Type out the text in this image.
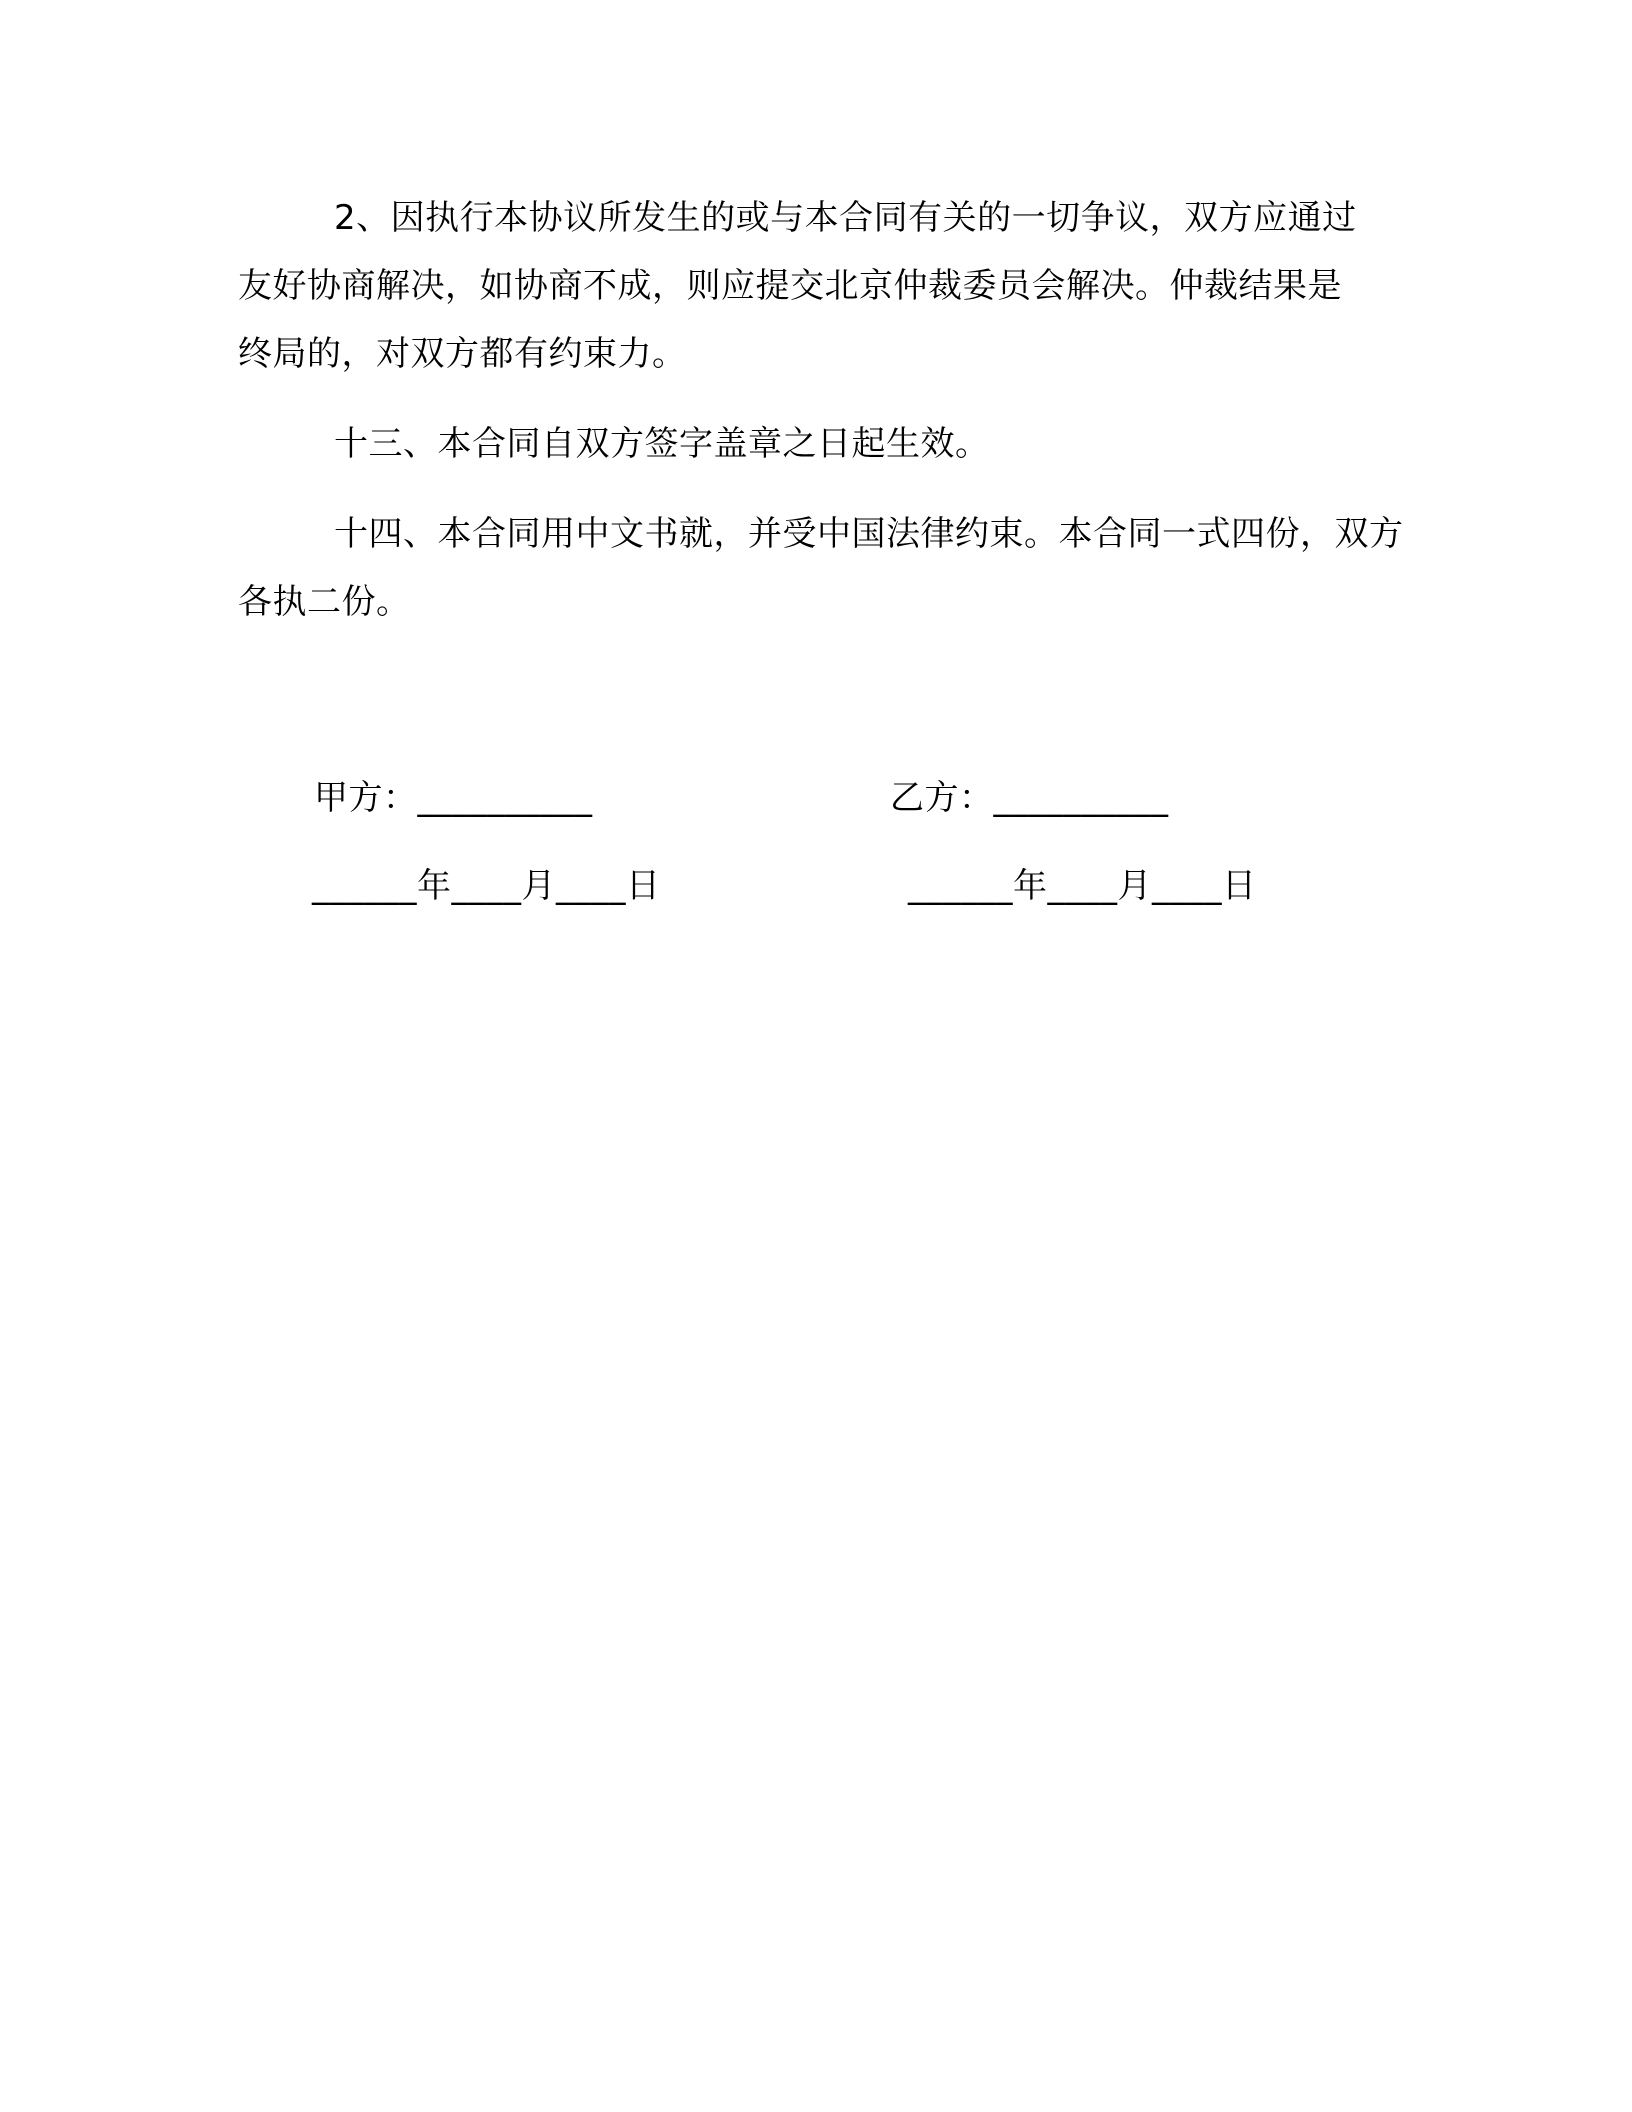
2、因执行本协议所发生的或与本合同有关的一切争议，双方应通过友好协商解决，如协商不成，则应提交北京仲裁委员会解决。仲裁结果是终局的，对双方都有约束力。

十三、本合同自双方签字盖章之日起生效。

十四、本合同用中文书就，并受中国法律约束。本合同一式四份，双方各执二份。

甲方：__________	乙方：__________
______年____月____日	______年____月____日
